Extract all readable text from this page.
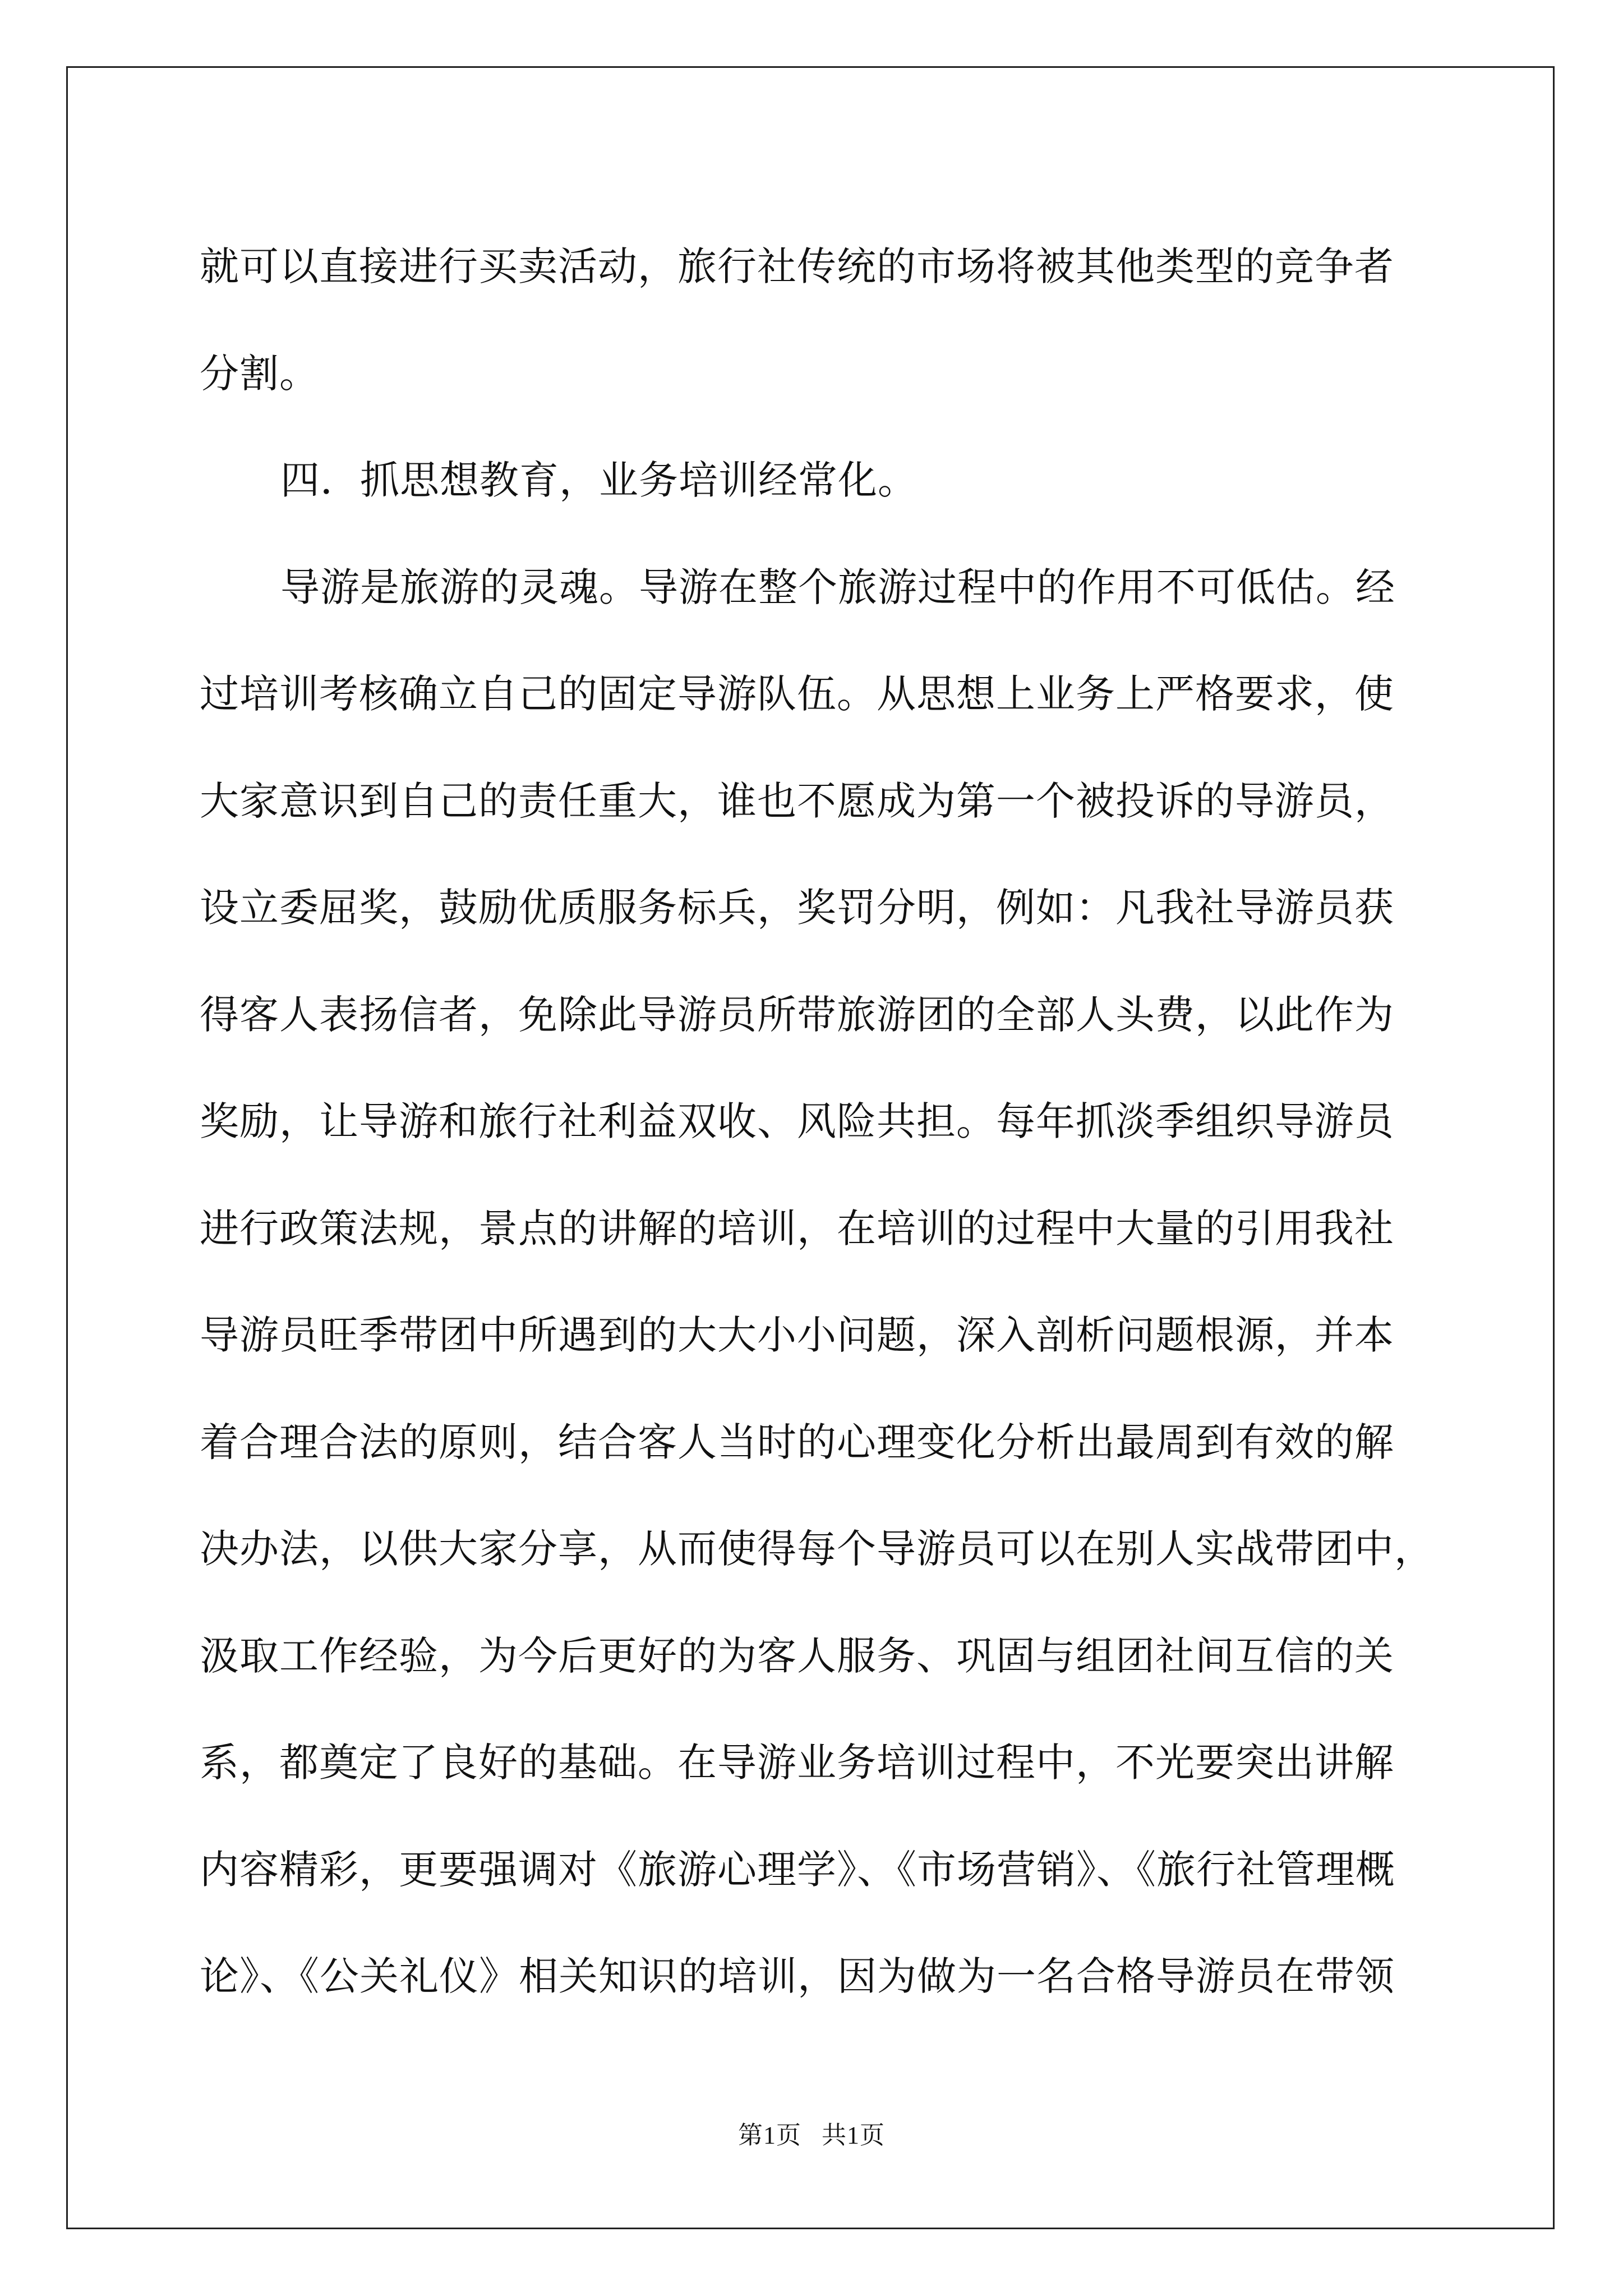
就可以直接进行买卖活动，旅行社传统的市场将被其他类型的竞争者
分割。
四．抓思想教育，业务培训经常化。
导游是旅游的灵魂。导游在整个旅游过程中的作用不可低估。经
过培训考核确立自己的固定导游队伍。从思想上业务上严格要求，使
大家意识到自己的责任重大，谁也不愿成为第一个被投诉的导游员，
设立委屈奖，鼓励优质服务标兵，奖罚分明，例如：凡我社导游员获
得客人表扬信者，免除此导游员所带旅游团的全部人头费，以此作为
奖励，让导游和旅行社利益双收、风险共担。每年抓淡季组织导游员
进行政策法规，景点的讲解的培训，在培训的过程中大量的引用我社
导游员旺季带团中所遇到的大大小小问题，深入剖析问题根源，并本
着合理合法的原则，结合客人当时的心理变化分析出最周到有效的解
决办法，以供大家分享，从而使得每个导游员可以在别人实战带团中，
汲取工作经验，为今后更好的为客人服务、巩固与组团社间互信的关
系，都奠定了良好的基础。在导游业务培训过程中，不光要突出讲解
内容精彩，更要强调对《旅游心理学》、《市场营销》、《旅行社管理概
论》、《公关礼仪》相关知识的培训，因为做为一名合格导游员在带领
第1页   共1页
